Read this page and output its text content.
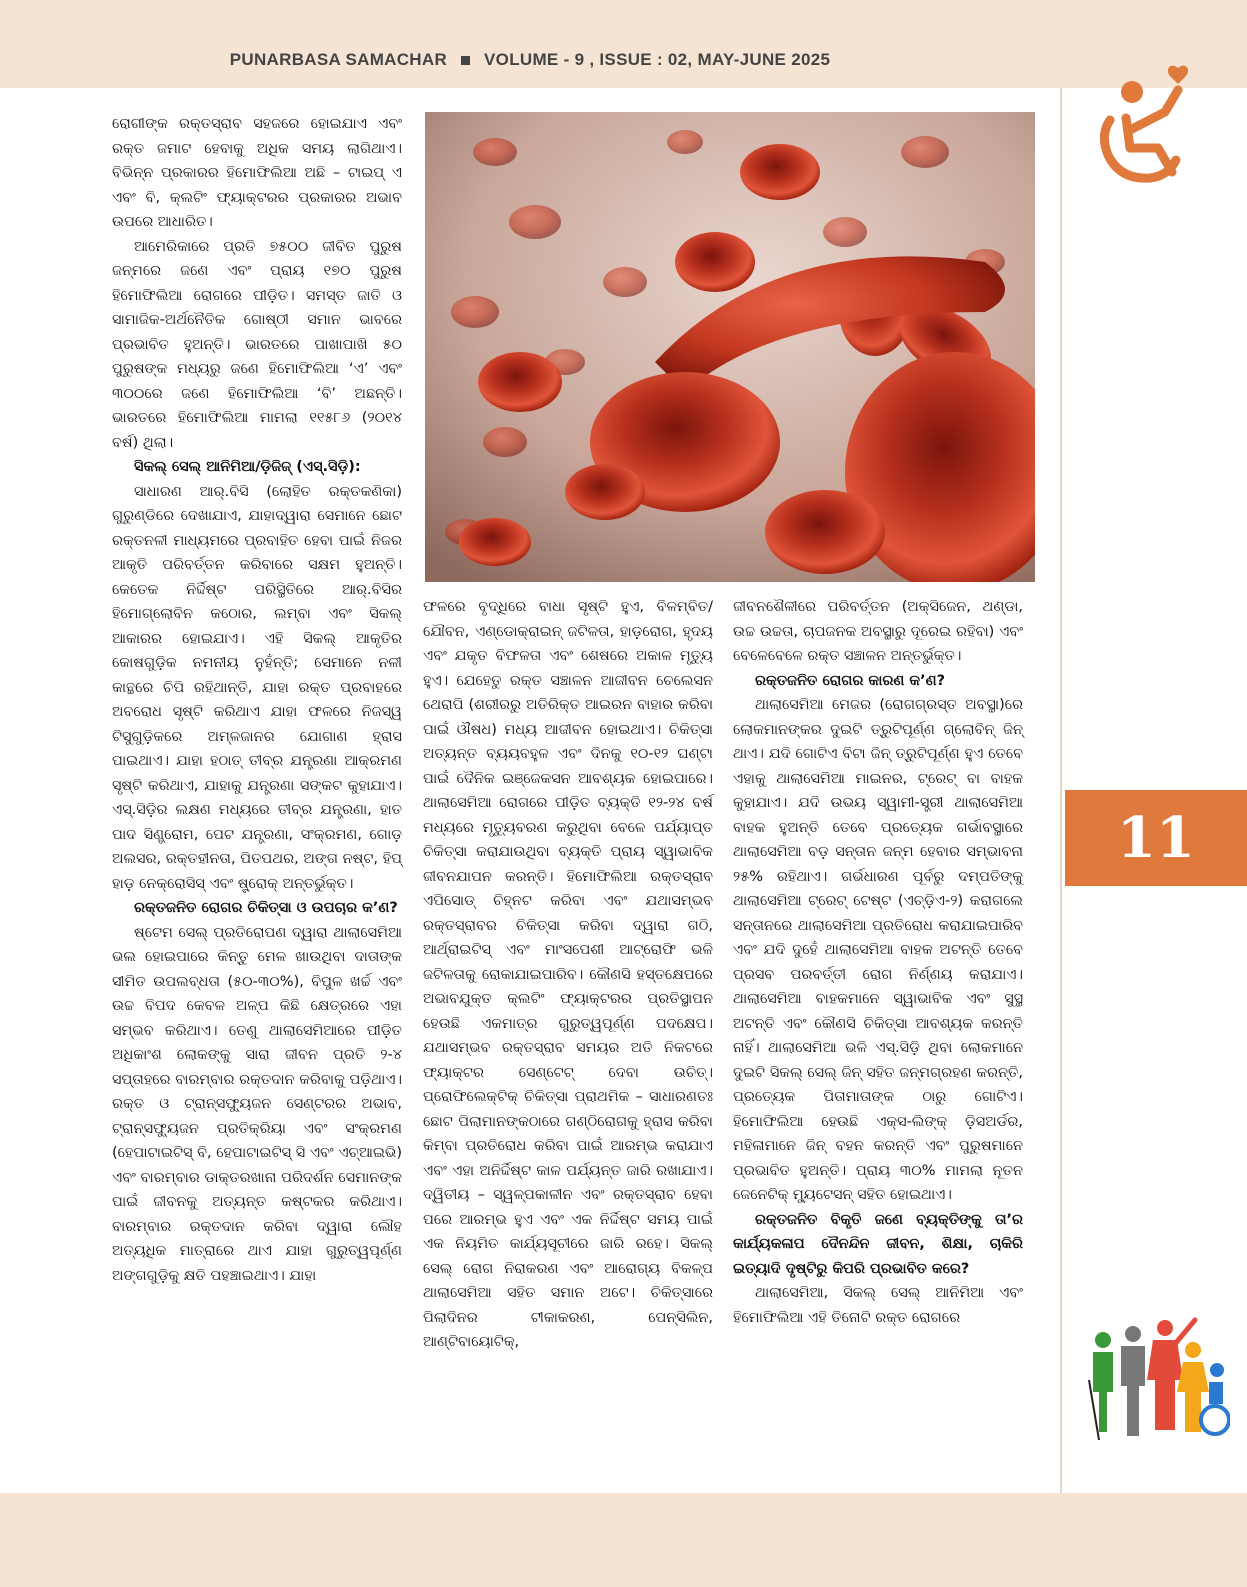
PUNARBASA SAMACHAR VOLUME - 9 , ISSUE : 02, MAY-JUNE 2025
11

ରୋଗୀଙ୍କ ରକ୍ତସ୍ରାବ ସହଜରେ ହୋଇଯାଏ ଏବଂ ରକ୍ତ ଜମାଟ ହେବାକୁ ଅଧିକ ସମୟ ଲାଗିଥାଏ। ବିଭିନ୍ନ ପ୍ରକାରର ହିମୋଫିଲିଆ ଅଛି – ଟାଇପ୍ ଏ ଏବଂ ବି, କ୍ଲଟିଂ ଫ୍ୟାକ୍ଟରର ପ୍ରକାରର ଅଭାବ ଉପରେ ଆଧାରିତ।

ଆମେରିକାରେ ପ୍ରତି ୭୫୦୦ ଜୀବିତ ପୁରୁଷ ଜନ୍ମରେ ଜଣେ ଏବଂ ପ୍ରାୟ ୧୭୦ ପୁରୁଷ ହିମୋଫିଲିଆ ରୋଗରେ ପୀଡ଼ିତ। ସମସ୍ତ ଜାତି ଓ ସାମାଜିକ-ଅର୍ଥନୈତିକ ଗୋଷ୍ଠୀ ସମାନ ଭାବରେ ପ୍ରଭାବିତ ହୁଅନ୍ତି। ଭାରତରେ ପାଖାପାଖି ୫୦ ପୁରୁଷଙ୍କ ମଧ୍ୟରୁ ଜଣେ ହିମୋଫିଲିଆ ‘ଏ’ ଏବଂ ୩୦୦ରେ ଜଣେ ହିମୋଫିଲିଆ ‘ବି’ ଅଛନ୍ତି। ଭାରତରେ ହିମୋଫିଲିଆ ମାମଲା ୧୧୫୮୬ (୨୦୧୪ ବର୍ଷ) ଥିଲା।

ସିକଲ୍ ସେଲ୍ ଆନିମିଆ/ଡ଼ିଜିଜ୍ (ଏସ୍.ସିଡ଼ି):

ସାଧାରଣ ଆର୍.ବିସି (ଲୋହିତ ରକ୍ତକଣିକା) ଗୁରୁଣ୍ଡିରେ ଦେଖାଯାଏ, ଯାହାଦ୍ୱାରା ସେମାନେ ଛୋଟ ରକ୍ତନଳୀ ମାଧ୍ୟମରେ ପ୍ରବାହିତ ହେବା ପାଇଁ ନିଜର ଆକୃତି ପରିବର୍ତ୍ତନ କରିବାରେ ସକ୍ଷମ ହୁଅନ୍ତି। କେତେକ ନିର୍ଦ୍ଦିଷ୍ଟ ପରିସ୍ଥିତିରେ ଆର୍.ବିସିର ହିମୋଗ୍ଲୋବିନ କଠୋର, ଲମ୍ବା ଏବଂ ସିକଲ୍ ଆକାରର ହୋଇଯାଏ। ଏହି ସିକଲ୍ ଆକୃତିର କୋଷଗୁଡ଼ିକ ନମନୀୟ ନୁହଁନ୍ତି; ସେମାନେ ନଳୀ କାନ୍ଥରେ ଚିପି ରହିଥାନ୍ତି, ଯାହା ରକ୍ତ ପ୍ରବାହରେ ଅବରୋଧ ସୃଷ୍ଟି କରିଥାଏ ଯାହା ଫଳରେ ନିଜସ୍ୱ ଟିସୁଗୁଡ଼ିକରେ ଅମ୍ଳଜାନର ଯୋଗାଣ ହ୍ରାସ ପାଇଥାଏ। ଯାହା ହଠାତ୍ ତୀବ୍ର ଯନ୍ତ୍ରଣା ଆକ୍ରମଣ ସୃଷ୍ଟି କରିଥାଏ, ଯାହାକୁ ଯନ୍ତ୍ରଣା ସଙ୍କଟ କୁହାଯାଏ। ଏସ୍.ସିଡ଼ିର ଲକ୍ଷଣ ମଧ୍ୟରେ ତୀବ୍ର ଯନ୍ତ୍ରଣା, ହାତ ପାଦ ସିଣ୍ଡ୍ରୋମ, ପେଟ ଯନ୍ତ୍ରଣା, ସଂକ୍ରମଣ, ଗୋଡ଼ ଅଲସର, ରକ୍ତହୀନତା, ପିତପଥର, ଅଙ୍ଗ ନଷ୍ଟ, ହିପ୍ ହାଡ଼ ନେକ୍ରୋସିସ୍ ଏବଂ ଷ୍ଟ୍ରୋକ୍ ଅନ୍ତର୍ଭୁକ୍ତ।

ରକ୍ତଜନିତ ରୋଗର ଚିକିତ୍ସା ଓ ଉପଚାର କ’ଣ?

ଷ୍ଟେମ ସେଲ୍ ପ୍ରତିରୋପଣ ଦ୍ୱାରା ଥାଲାସେମିଆ ଭଲ ହୋଇପାରେ କିନ୍ତୁ ମେଳ ଖାଉଥିବା ଦାତାଙ୍କ ସୀମିତ ଉପଲବ୍ଧତା (୫୦-୩୦%), ବିପୁଳ ଖର୍ଚ୍ଚ ଏବଂ ଉଚ୍ଚ ବିପଦ କେବଳ ଅଳ୍ପ କିଛି କ୍ଷେତ୍ରରେ ଏହା ସମ୍ଭବ କରିଥାଏ। ତେଣୁ ଥାଲାସେମିଆରେ ପୀଡ଼ିତ ଅଧିକାଂଶ ଲୋକଙ୍କୁ ସାରା ଜୀବନ ପ୍ରତି ୨-୪ ସପ୍ତାହରେ ବାରମ୍ବାର ରକ୍ତଦାନ କରିବାକୁ ପଡ଼ିଥାଏ। ରକ୍ତ ଓ ଟ୍ରାନ୍ସଫ୍ୟୁଜନ ସେଣ୍ଟରର ଅଭାବ, ଟ୍ରାନ୍ସଫ୍ୟୁଜନ ପ୍ରତିକ୍ରିୟା ଏବଂ ସଂକ୍ରମଣ (ହେପାଟାଇଟିସ୍ ବି, ହେପାଟାଇଟିସ୍ ସି ଏବଂ ଏଚ୍ଆଇଭି) ଏବଂ ବାରମ୍ବାର ଡାକ୍ତରଖାନା ପରିଦର୍ଶନ ସେମାନଙ୍କ ପାଇଁ ଜୀବନକୁ ଅତ୍ୟନ୍ତ କଷ୍ଟକର କରିଥାଏ। ବାରମ୍ବାର ରକ୍ତଦାନ କରିବା ଦ୍ୱାରା ଲୌହ ଅତ୍ୟଧିକ ମାତ୍ରାରେ ଥାଏ ଯାହା ଗୁରୁତ୍ୱପୂର୍ଣ୍ଣ ଅଙ୍ଗଗୁଡ଼ିକୁ କ୍ଷତି ପହଞ୍ଚାଇଥାଏ। ଯାହା

ଫଳରେ ବୃଦ୍ଧିରେ ବାଧା ସୃଷ୍ଟି ହୁଏ, ବିଳମ୍ବିତ/ ଯୌବନ, ଏଣ୍ଡୋକ୍ରାଇନ୍ ଜଟିଳତା, ହାଡ଼ରୋଗ, ହୃଦୟ ଏବଂ ଯକୃତ ବିଫଳତା ଏବଂ ଶେଷରେ ଅକାଳ ମୃତ୍ୟୁ ହୁଏ। ଯେହେତୁ ରକ୍ତ ସଞ୍ଚାଳନ ଆଜୀବନ ଚେଲେସନ ଥେରାପି (ଶରୀରରୁ ଅତିରିକ୍ତ ଆଇରନ ବାହାର କରିବା ପାଇଁ ଔଷଧ) ମଧ୍ୟ ଆଜୀବନ ହୋଇଥାଏ। ଚିକିତ୍ସା ଅତ୍ୟନ୍ତ ବ୍ୟୟବହୁଳ ଏବଂ ଦିନକୁ ୧୦-୧୨ ଘଣ୍ଟା ପାଇଁ ଦୈନିକ ଇଞ୍ଜେକସନ ଆବଶ୍ୟକ ହୋଇପାରେ। ଥାଲାସେମିଆ ରୋଗରେ ପୀଡ଼ିତ ବ୍ୟକ୍ତି ୧୨-୨୪ ବର୍ଷ ମଧ୍ୟରେ ମୃତ୍ୟୁବରଣ କରୁଥିବା ବେଳେ ପର୍ଯ୍ୟାପ୍ତ ଚିକିତ୍ସା କରାଯାଉଥିବା ବ୍ୟକ୍ତି ପ୍ରାୟ ସ୍ୱାଭାବିକ ଜୀବନଯାପନ କରନ୍ତି। ହିମୋଫିଲିଆ ରକ୍ତସ୍ରାବ ଏପିସୋଡ୍ ଚିହ୍ନଟ କରିବା ଏବଂ ଯଥାସମ୍ଭବ ରକ୍ତସ୍ରାବର ଚିକିତ୍ସା କରିବା ଦ୍ୱାରା ଗଠି, ଆର୍ଥ୍ରାଇଟିସ୍ ଏବଂ ମାଂସପେଶୀ ଆଟ୍ରୋଫି ଭଳି ଜଟିଳତାକୁ ରୋକାଯାଇପାରିବ। କୌଣସି ହସ୍ତକ୍ଷେପରେ ଅଭାବଯୁକ୍ତ କ୍ଲଟିଂ ଫ୍ୟାକ୍ଟରର ପ୍ରତିସ୍ଥାପନ ହେଉଛି ଏକମାତ୍ର ଗୁରୁତ୍ୱପୂର୍ଣ୍ଣ ପଦକ୍ଷେପ। ଯଥାସମ୍ଭବ ରକ୍ତସ୍ରାବ ସମୟର ଅତି ନିକଟରେ ଫ୍ୟାକ୍ଟର ସେଣ୍ଟେଟ୍ ଦେବା ଉଚିତ୍। ପ୍ରୋଫିଲେକ୍ଟିକ୍ ଚିକିତ୍ସା ପ୍ରାଥମିକ – ସାଧାରଣତଃ ଛୋଟ ପିଲାମାନଙ୍କଠାରେ ଗଣ୍ଠିରୋଗକୁ ହ୍ରାସ କରିବା କିମ୍ବା ପ୍ରତିରୋଧ କରିବା ପାଇଁ ଆରମ୍ଭ କରାଯାଏ ଏବଂ ଏହା ଅନିର୍ଦ୍ଦିଷ୍ଟ କାଳ ପର୍ଯ୍ୟନ୍ତ ଜାରି ରଖାଯାଏ। ଦ୍ୱିତୀୟ – ସ୍ୱଳ୍ପକାଳୀନ ଏବଂ ରକ୍ତସ୍ରାବ ହେବା ପରେ ଆରମ୍ଭ ହୁଏ ଏବଂ ଏକ ନିର୍ଦ୍ଦିଷ୍ଟ ସମୟ ପାଇଁ ଏକ ନିୟମିତ କାର୍ଯ୍ୟସୂଚୀରେ ଜାରି ରହେ। ସିକଲ୍ ସେଲ୍ ରୋଗ ନିରାକରଣ ଏବଂ ଆରୋଗ୍ୟ ବିକଳ୍ପ ଥାଲାସେମିଆ ସହିତ ସମାନ ଅଟେ। ଚିକିତ୍ସାରେ ପିଲାଦିନର ଟୀକାକରଣ, ପେନ୍ସିଲିନ, ଆଣ୍ଟିବାୟୋଟିକ୍,

ଜୀବନଶୈଳୀରେ ପରିବର୍ତ୍ତନ (ଅକ୍ସିଜେନ, ଥଣ୍ଡା, ଉଚ୍ଚ ଉଚ୍ଚତା, ଚାପଜନକ ଅବସ୍ଥାରୁ ଦୂରେଇ ରହିବା) ଏବଂ ବେଳେବେଳେ ରକ୍ତ ସଞ୍ଚାଳନ ଅନ୍ତର୍ଭୁକ୍ତ।

ରକ୍ତଜନିତ ରୋଗର କାରଣ କ’ଣ?

ଥାଲାସେମିଆ ମେଜର (ରୋଗଗ୍ରସ୍ତ ଅବସ୍ଥା)ରେ ଲୋକମାନଙ୍କର ଦୁଇଟି ତ୍ରୁଟିପୂର୍ଣ୍ଣ ଗ୍ଲୋବିନ୍ ଜିନ୍ ଥାଏ। ଯଦି ଗୋଟିଏ ବିଟା ଜିନ୍ ତ୍ରୁଟିପୂର୍ଣ୍ଣ ହୁଏ ତେବେ ଏହାକୁ ଥାଲାସେମିଆ ମାଇନର, ଟ୍ରେଟ୍ ବା ବାହକ କୁହାଯାଏ। ଯଦି ଉଭୟ ସ୍ୱାମୀ-ସ୍ତ୍ରୀ ଥାଲାସେମିଆ ବାହକ ହୁଅନ୍ତି ତେବେ ପ୍ରତ୍ୟେକ ଗର୍ଭାବସ୍ଥାରେ ଥାଲାସେମିଆ ବଡ଼ ସନ୍ତାନ ଜନ୍ମ ହେବାର ସମ୍ଭାବନା ୨୫% ରହିଥାଏ। ଗର୍ଭଧାରଣ ପୂର୍ବରୁ ଦମ୍ପତିଙ୍କୁ ଥାଲାସେମିଆ ଟ୍ରେଟ୍ ଟେଷ୍ଟ (ଏଚ୍ଡ଼ିଏ-୨) କରାଗଲେ ସନ୍ତାନରେ ଥାଲାସେମିଆ ପ୍ରତିରୋଧ କରାଯାଇପାରିବ ଏବଂ ଯଦି ଦୁହେଁ ଥାଲାସେମିଆ ବାହକ ଅଟନ୍ତି ତେବେ ପ୍ରସବ ପରବର୍ତ୍ତୀ ରୋଗ ନିର୍ଣ୍ଣୟ କରାଯାଏ। ଥାଲାସେମିଆ ବାହକମାନେ ସ୍ୱାଭାବିକ ଏବଂ ସୁସ୍ଥ ଅଟନ୍ତି ଏବଂ କୌଣସି ଚିକିତ୍ସା ଆବଶ୍ୟକ କରନ୍ତି ନାହିଁ। ଥାଲାସେମିଆ ଭଳି ଏସ୍.ସିଡ଼ି ଥିବା ଲୋକମାନେ ଦୁଇଟି ସିକଲ୍ ସେଲ୍ ଜିନ୍ ସହିତ ଜନ୍ମଗ୍ରହଣ କରନ୍ତି, ପ୍ରତ୍ୟେକ ପିତାମାତାଙ୍କ ଠାରୁ ଗୋଟିଏ। ହିମୋଫିଲିଆ ହେଉଛି ଏକ୍ସ-ଲିଙ୍କ୍ ଡ଼ିସଅର୍ଡର, ମହିଳାମାନେ ଜିନ୍ ବହନ କରନ୍ତି ଏବଂ ପୁରୁଷମାନେ ପ୍ରଭାବିତ ହୁଅନ୍ତି। ପ୍ରାୟ ୩୦% ମାମଲା ନୂତନ ଜେନେଟିକ୍ ମ୍ୟୁଟେସନ୍ ସହିତ ହୋଇଥାଏ।

ରକ୍ତଜନିତ ବିକୃତି ଜଣେ ବ୍ୟକ୍ତିଙ୍କୁ ତା’ର କାର୍ଯ୍ୟକଳାପ ଦୈନନ୍ଦିନ ଜୀବନ, ଶିକ୍ଷା, ଚାକିରି ଇତ୍ୟାଦି ଦୃଷ୍ଟିରୁ କିପରି ପ୍ରଭାବିତ କରେ?

ଥାଲାସେମିଆ, ସିକଲ୍ ସେଲ୍ ଆନିମିଆ ଏବଂ ହିମୋଫିଲିଆ ଏହି ତିନୋଟି ରକ୍ତ ରୋଗରେ
